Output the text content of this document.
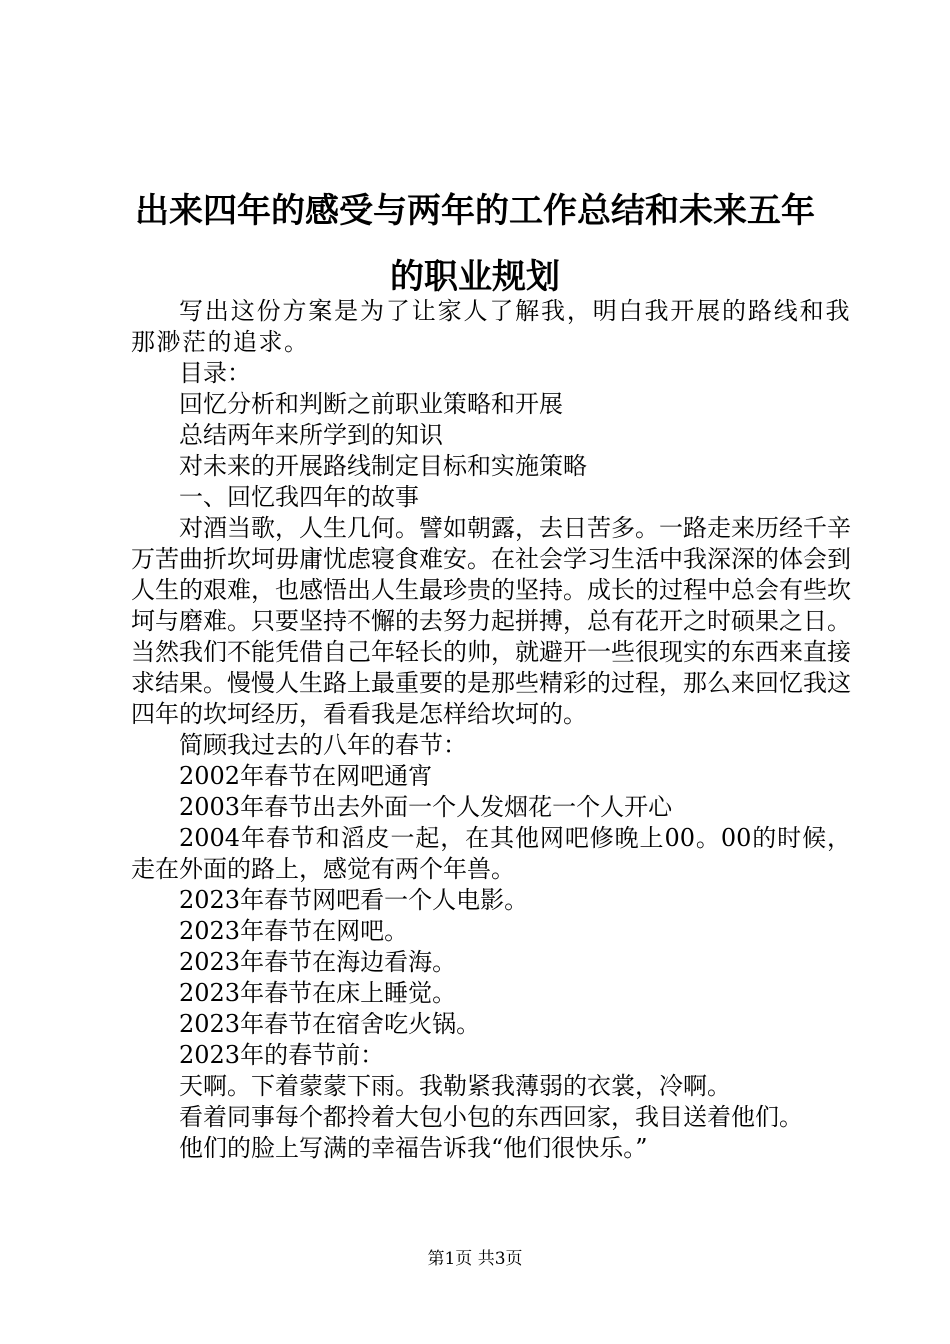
出来四年的感受与两年的工作总结和未来五年
的职业规划

写出这份方案是为了让家人了解我，明白我开展的路线和我那渺茫的追求。

目录：

回忆分析和判断之前职业策略和开展

总结两年来所学到的知识

对未来的开展路线制定目标和实施策略

一、回忆我四年的故事

对酒当歌，人生几何。譬如朝露，去日苦多。一路走来历经千辛万苦曲折坎坷毋庸忧虑寝食难安。在社会学习生活中我深深的体会到人生的艰难，也感悟出人生最珍贵的坚持。成长的过程中总会有些坎坷与磨难。只要坚持不懈的去努力起拼搏，总有花开之时硕果之日。当然我们不能凭借自己年轻长的帅，就避开一些很现实的东西来直接求结果。慢慢人生路上最重要的是那些精彩的过程，那么来回忆我这四年的坎坷经历，看看我是怎样给坎坷的。

简顾我过去的八年的春节：

2002年春节在网吧通宵

2003年春节出去外面一个人发烟花一个人开心

2004年春节和滔皮一起，在其他网吧修晚上00。00的时候，走在外面的路上，感觉有两个年兽。

2023年春节网吧看一个人电影。

2023年春节在网吧。

2023年春节在海边看海。

2023年春节在床上睡觉。

2023年春节在宿舍吃火锅。

2023年的春节前：

天啊。下着蒙蒙下雨。我勒紧我薄弱的衣裳，冷啊。

看着同事每个都拎着大包小包的东西回家，我目送着他们。

他们的脸上写满的幸福告诉我“他们很快乐。”

第1页 共3页
